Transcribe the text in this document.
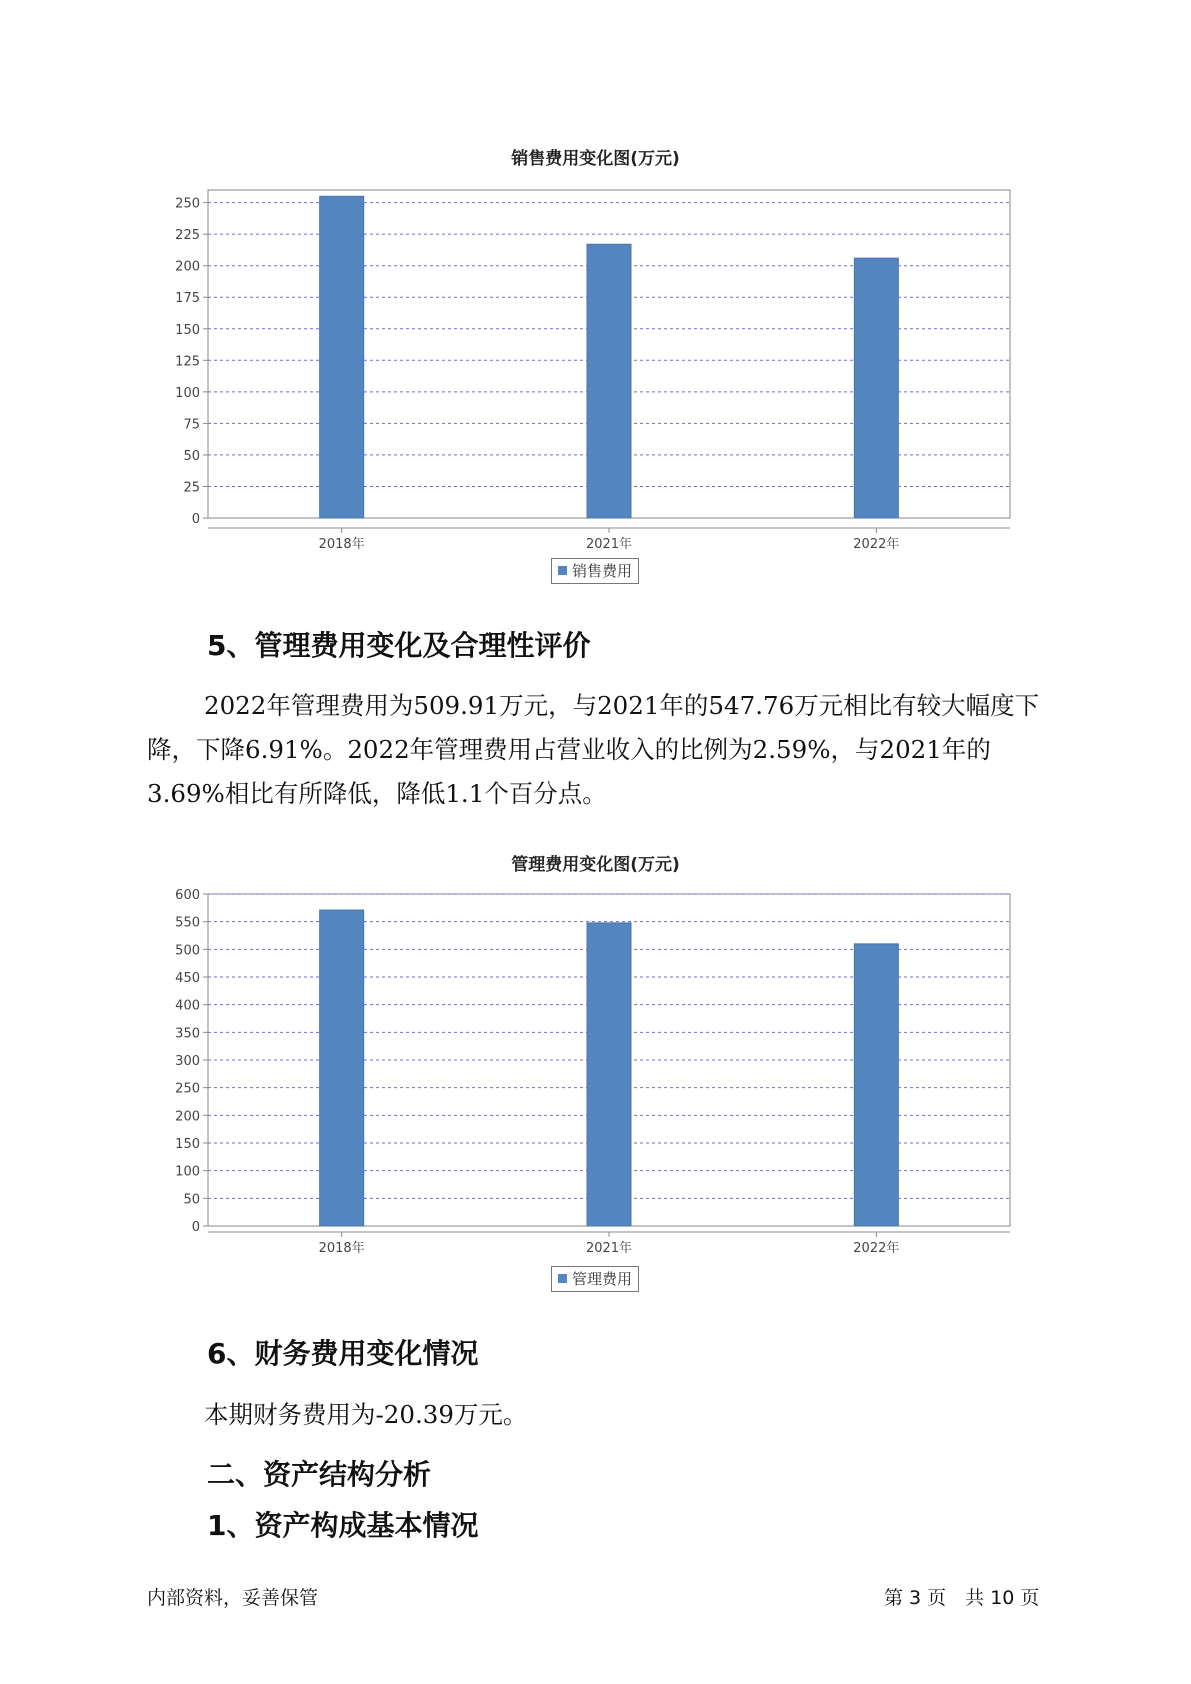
销售费用变化图(万元)
0
25
50
75
100
125
150
175
200
225
250
2018年	2021年	2022年
销售费用
5、管理费用变化及合理性评价
2022年管理费用为509.91万元，与2021年的547.76万元相比有较大幅度下降，下降6.91%。2022年管理费用占营业收入的比例为2.59%，与2021年的3.69%相比有所降低，降低1.1个百分点。
管理费用变化图(万元)
0
50
100
150
200
250
300
350
400
450
500
550
600
2018年	2021年	2022年
管理费用
6、财务费用变化情况
本期财务费用为-20.39万元。
二、资产结构分析
1、资产构成基本情况
内部资料，妥善保管	第 3 页　共 10 页
